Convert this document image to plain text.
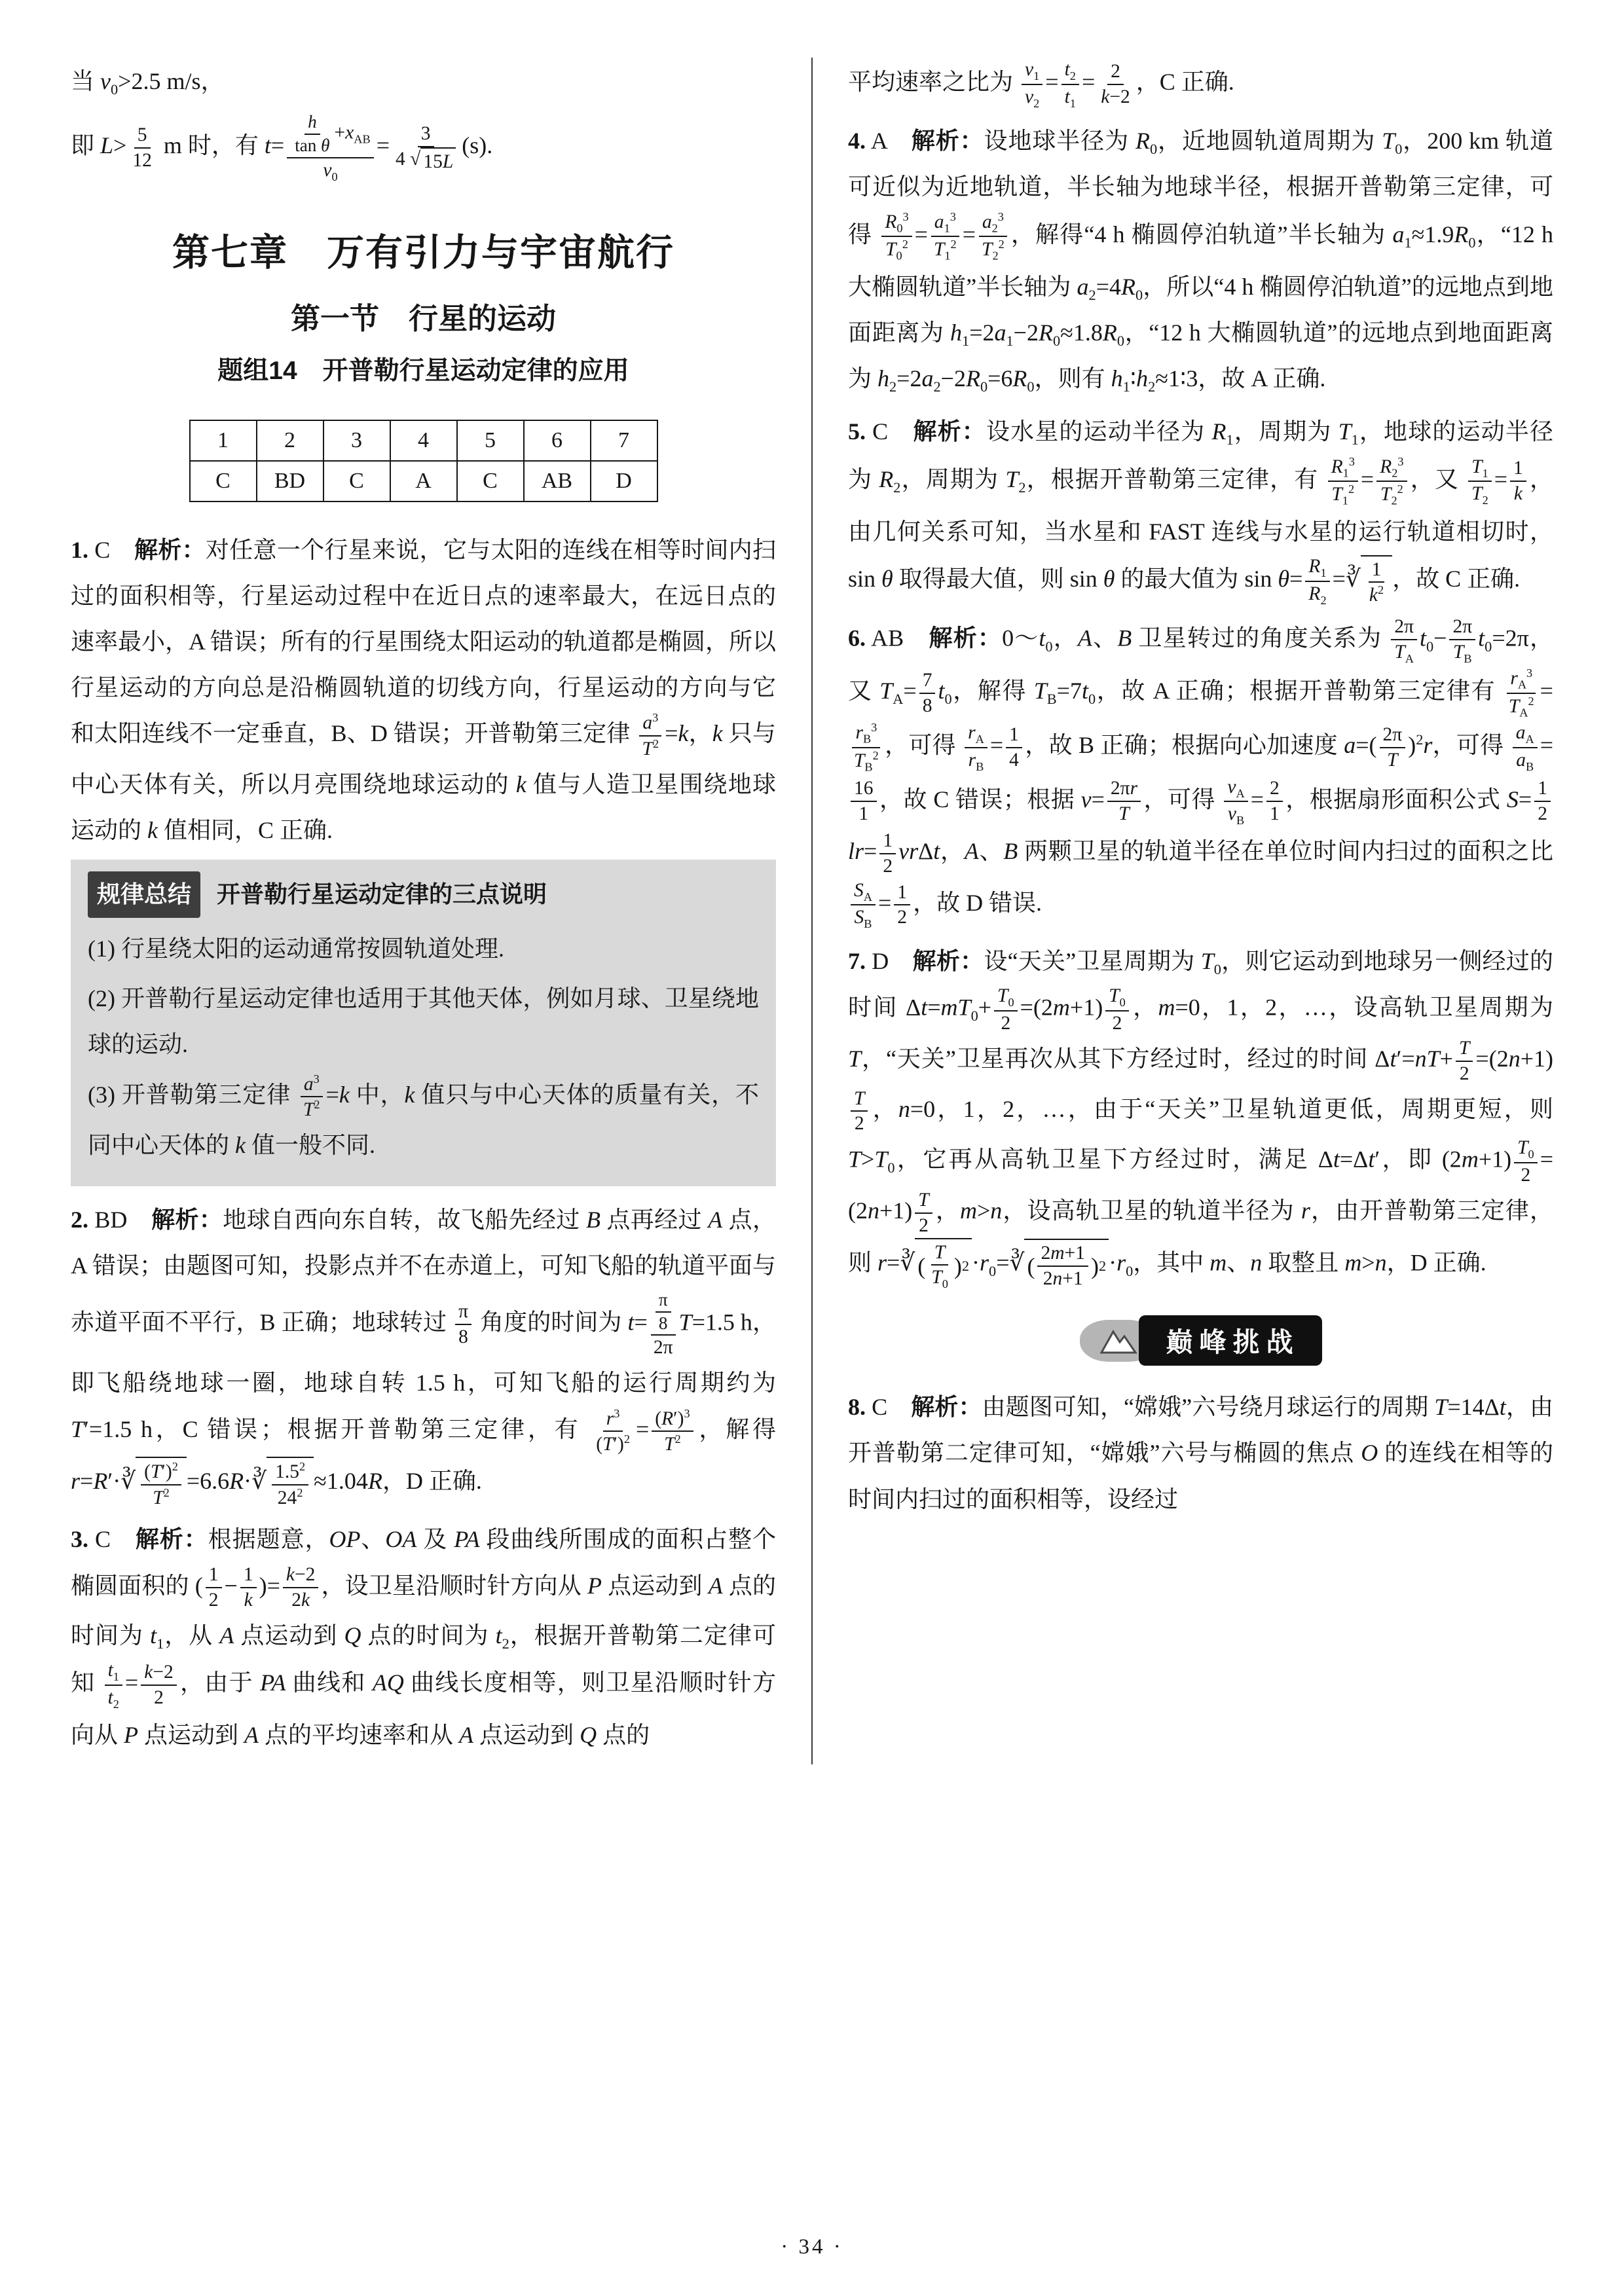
当 $v_0>2.5$ m/s，

即 $L> \frac{5}{12}$ m 时，有 $t= \frac{h}{\text{tan θ}} +x_{AB}$
$v_0$
= $\frac{3}{4 √ 15 L} (s)$.

第七章　万有引力与宇宙航行
第一节　行星的运动
题组14　开普勒行星运动定律的应用
1	2	3	4	5	6	7
C	BD	C	A	C	AB	D

1. C　解析：对任意一个行星来说，它与太阳的连线在相等时间内扫过的面积相等，行星运动过程中在近日点的速率最大，在远日点的速率最小，A 错误；所有的行星围绕太阳运动的轨道都是椭圆，所以行星运动的方向总是沿椭圆轨道的切线方向，行星运动的方向与它和太阳连线不一定垂直，B、D 错误；开普勒第三定律 $\frac{a^3}{T^2} =k$，k 只与中心天体有关，所以月亮围绕地球运动的 k 值与人造卫星围绕地球运动的 k 值相同，C 正确.

规律总结 开普勒行星运动定律的三点说明

(1) 行星绕太阳的运动通常按圆轨道处理.

(2) 开普勒行星运动定律也适用于其他天体，例如月球、卫星绕地球的运动.

(3) 开普勒第三定律 $\frac{a^3}{T^2} =k$ 中，k 值只与中心天体的质量有关，不同中心天体的 k 值一般不同.

2. BD　解析：地球自西向东自转，故飞船先经过 B 点再经过 A 点，A 错误；由题图可知，投影点并不在赤道上，可知飞船的轨道平面与赤道平面不平行，B 正确；地球转过 $\frac{\pi}{8}$ 角度的时间为 $t= \frac{\frac{\pi}{8}}{2\pi} T=1.5$ h，即飞船绕地球一圈，地球自转 1.5 h，可知飞船的运行周期约为 T′=1.5 h，C 错误；根据开普勒第三定律，有 $\frac{r^3}{(T')^2} = \frac{(R')^3}{T^2}$ ，解得 r=R′·∛ $(T')^2$
$T^2$ =6.6R·∛ $1.5^2$
$24^2 \approx 1.04R$，D 正确.

3. C　解析：根据题意，OP、OA 及 PA 段曲线所围成的面积占整个椭圆面积的 ( $\frac{1}{2} - \frac{1}{k}$ )= $\frac{k-2}{2k}$ ，设卫星沿顺时针方向从 P 点运动到 A 点的时间为 $t_1$，从 A 点运动到 Q 点的时间为 $t_2$，根据开普勒第二定律可知 $\frac{t_1}{t_2} = \frac{k-2}{2}$ ，由于 PA 曲线和 AQ 曲线长度相等，则卫星沿顺时针方向从 P 点运动到 A 点的平均速率和从 A 点运动到 Q 点的

平均速率之比为 $\frac{v_1}{v_2} = \frac{t_2}{t_1} = \frac{2}{k-2}$ ，C 正确.

4. A　解析：设地球半径为 $R_0$，近地圆轨道周期为 $T_0$，200 km 轨道可近似为近地轨道，半长轴为地球半径，根据开普勒第三定律，可得 $\frac{R_0^3}{T_0^2} = \frac{a_1^3}{T_1^2} = \frac{a_2^3}{T_2^2}$ ，解得“4 h 椭圆停泊轨道”半长轴为 $a_1\approx 1.9R_0$，“12 h 大椭圆轨道”半长轴为 $a_2=4R_0$，所以“4 h 椭圆停泊轨道”的远地点到地面距离为 $h_1=2a_1-2R_0\approx 1.8R_0$，“12 h 大椭圆轨道”的远地点到地面距离为 $h_2=2a_2-2R_0=6R_0$，则有 $h_1∶h_2\approx 1∶3$，故 A 正确.

5. C　解析：设水星的运动半径为 $R_1$，周期为 $T_1$，地球的运动半径为 $R_2$，周期为 $T_2$，根据开普勒第三定律，有 $\frac{R_1^3}{T_1^2} = \frac{R_2^3}{T_2^2}$ ，又 $\frac{T_1}{T_2} = \frac{1}{k}$ ，由几何关系可知，当水星和 FAST 连线与水星的运行轨道相切时，sin θ 取得最大值，则 sin θ 的最大值为 $\sin \theta= \frac{R_1}{R_2}$ =∛ 1
$k^2$ ，故 C 正确.

6. AB　解析：$0\sim t_0$，A、B 卫星转过的角度关系为 $\frac{2\pi}{T_A} t_0- \frac{2\pi}{T_B} t_0=2\pi$，又 $T_A= \frac{7}{8} t_0$，解得 $T_B=7t_0$，故 A 正确；根据开普勒第三定律有 $\frac{r_A^3}{T_A^2}$ =
$\frac{r_B^3}{T_B^2}$ ，可得 $\frac{r_A}{r_B} = \frac{1}{4}$ ，故 B 正确；根据向心加速度 $a=( \frac{2\pi}{T} )^2r$，可得 $\frac{a_A}{a_B}$ =
$\frac{16}{1}$ ，故 C 错误；根据 $v= \frac{2\pi r}{T}$ ，可得 $\frac{v_A}{v_B} = \frac{2}{1}$ ，根据扇形面积公式 $S= \frac{1}{2}$
$lr= \frac{1}{2}$ vrΔt，A、B 两颗卫星的轨道半径在单位时间内扫过的面积之比
$\frac{S_A}{S_B} = \frac{1}{2}$ ，故 D 错误.

7. D　解析：设“天关”卫星周期为 $T_0$，则它运动到地球另一侧经过的时间 $\Delta t=mT_0+ \frac{T_0}{2} =(2m+1) \frac{T_0}{2}$ ，m=0，1，2，…，设高轨卫星周期为 T，“天关”卫星再次从其下方经过时，经过的时间 $\Delta t'=nT+ \frac{T}{2} =(2n+1)$
$\frac{T}{2}$ ，n=0，1，2，…，由于“天关”卫星轨道更低，周期更短，则 $T>T_0$，它再从高轨卫星下方经过时，满足 Δt=Δt′，即 $(2m+1) \frac{T_0}{2} =(2n+1) \frac{T}{2}$ ，m>n，设高轨卫星的轨道半径为 r，由开普勒第三定律，则 r=∛ (
T
$T_0$
) $2 \cdot r_0=∛$ ( 2m+1
2n+1 ) $2 \cdot r_0$，其中 m、n 取整且 m>n，D 正确.

巅峰挑战

8. C　解析：由题图可知，“嫦娥”六号绕月球运行的周期 T=14Δt，由开普勒第二定律可知，“嫦娥”六号与椭圆的焦点 O 的连线在相等的时间内扫过的面积相等，设经过

· 34 ·
